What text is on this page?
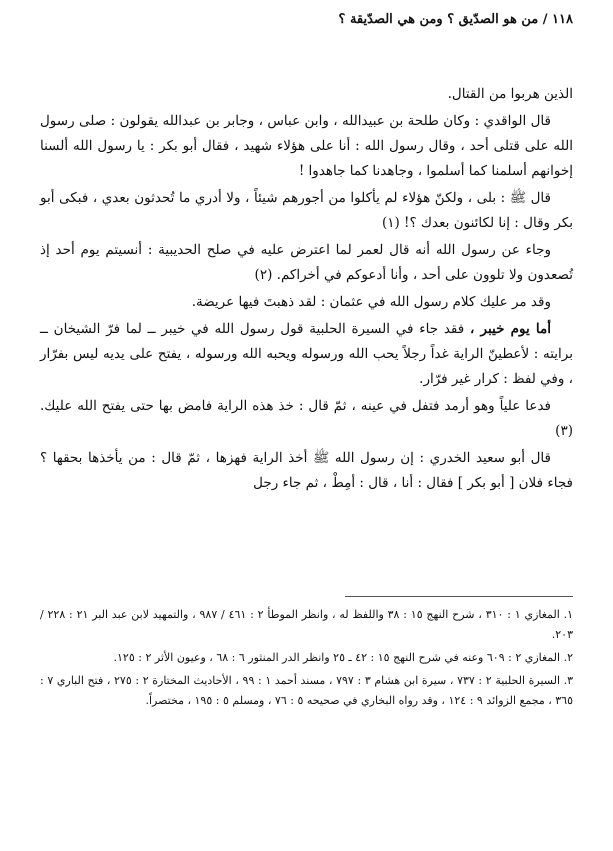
١١٨ / من هو الصدّيق ؟ ومن هي الصدّيقة ؟

الذين هربوا من القتال.

قال الواقدي : وكان طلحة بن عبيدالله ، وابن عباس ، وجابر بن عبدالله يقولون : صلى رسول الله على قتلى أحد ، وقال رسول الله : أنا على هؤلاء شهيد ، فقال أبو بكر : يا رسول الله ألسنا إخوانهم أسلمنا كما أسلموا ، وجاهدنا كما جاهدوا !

قال ﷺ : بلى ، ولكنّ هؤلاء لم يأكلوا من أجورهم شيئاً ، ولا أدري ما تُحدثون بعدي ، فبكى أبو بكر وقال : إنا لكائنون بعدك ؟! (١)

وجاء عن رسول الله أنه قال لعمر لما اعترض عليه في صلح الحديبية : أنسيتم يوم أحد إذ تُصعدون ولا تلوون على أحد ، وأنا أدعوكم في أخراكم. (٢)

وقد مر عليك كلام رسول الله في عثمان : لقد ذهبتَ فيها عريضة.

أما يوم خيبر ، فقد جاء في السيرة الحلبية قول رسول الله في خيبر ــ لما فرّ الشيخان ــ برايته : لأعطينّ الراية غداً رجلاً يحب الله ورسوله ويحبه الله ورسوله ، يفتح على يديه ليس بفرّار ، وفي لفظ : كرار غير فرّار.

فدعا علياً وهو أرمد فتفل في عينه ، ثمّ قال : خذ هذه الراية فامض بها حتى يفتح الله عليك. (٣)

قال أبو سعيد الخدري : إن رسول الله ﷺ أخذ الراية فهزها ، ثمّ قال : من يأخذها بحقها ؟ فجاء فلان [ أبو بكر ] فقال : أنا ، قال : أمِطْ ، ثم جاء رجل

١. المغازي ١ : ٣١٠ ، شرح النهج ١٥ : ٣٨ واللفظ له ، وانظر الموطأ ٢ : ٤٦١ / ٩٨٧ ، والتمهيد لابن عبد البر ٢١ : ٢٢٨ / ٢٠٣.

٢. المغازي ٢ : ٦٠٩ وعنه في شرح النهج ١٥ : ٤٢ ـ ٢٥ وانظر الدر المنثور ٦ : ٦٨ ، وعيون الأثر ٢ : ١٢٥.

٣. السيرة الحلبية ٢ : ٧٣٧ ، سيرة ابن هشام ٣ : ٧٩٧ ، مسند أحمد ١ : ٩٩ ، الأحاديث المختارة ٢ : ٢٧٥ ، فتح الباري ٧ : ٣٦٥ ، مجمع الزوائد ٩ : ١٢٤ ، وقد رواه البخاري في صحيحه ٥ : ٧٦ ، ومسلم ٥ : ١٩٥ ، مختصراً.
